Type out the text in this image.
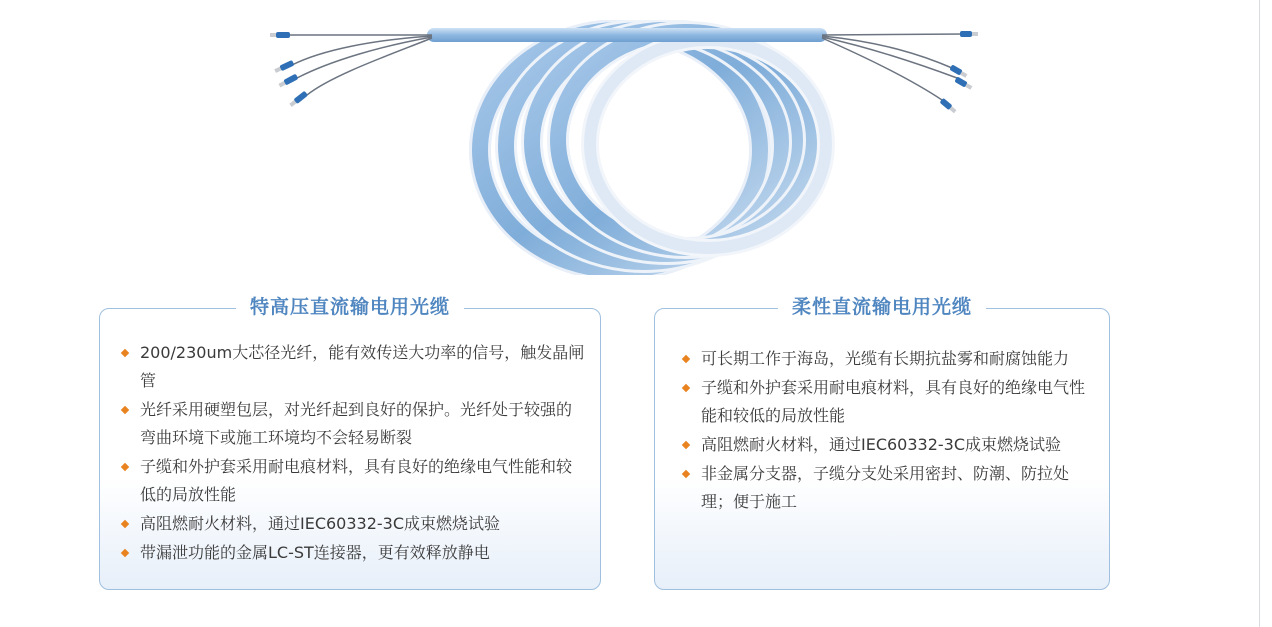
特高压直流输电用光缆
200/230um大芯径光纤，能有效传送大功率的信号，触发晶闸管
光纤采用硬塑包层，对光纤起到良好的保护。光纤处于较强的弯曲环境下或施工环境均不会轻易断裂
子缆和外护套采用耐电痕材料，具有良好的绝缘电气性能和较低的局放性能
高阻燃耐火材料，通过IEC60332-3C成束燃烧试验
带漏泄功能的金属LC-ST连接器，更有效释放静电
柔性直流输电用光缆
可长期工作于海岛，光缆有长期抗盐雾和耐腐蚀能力
子缆和外护套采用耐电痕材料，具有良好的绝缘电气性能和较低的局放性能
高阻燃耐火材料，通过IEC60332-3C成束燃烧试验
非金属分支器，子缆分支处采用密封、防潮、防拉处理；便于施工
